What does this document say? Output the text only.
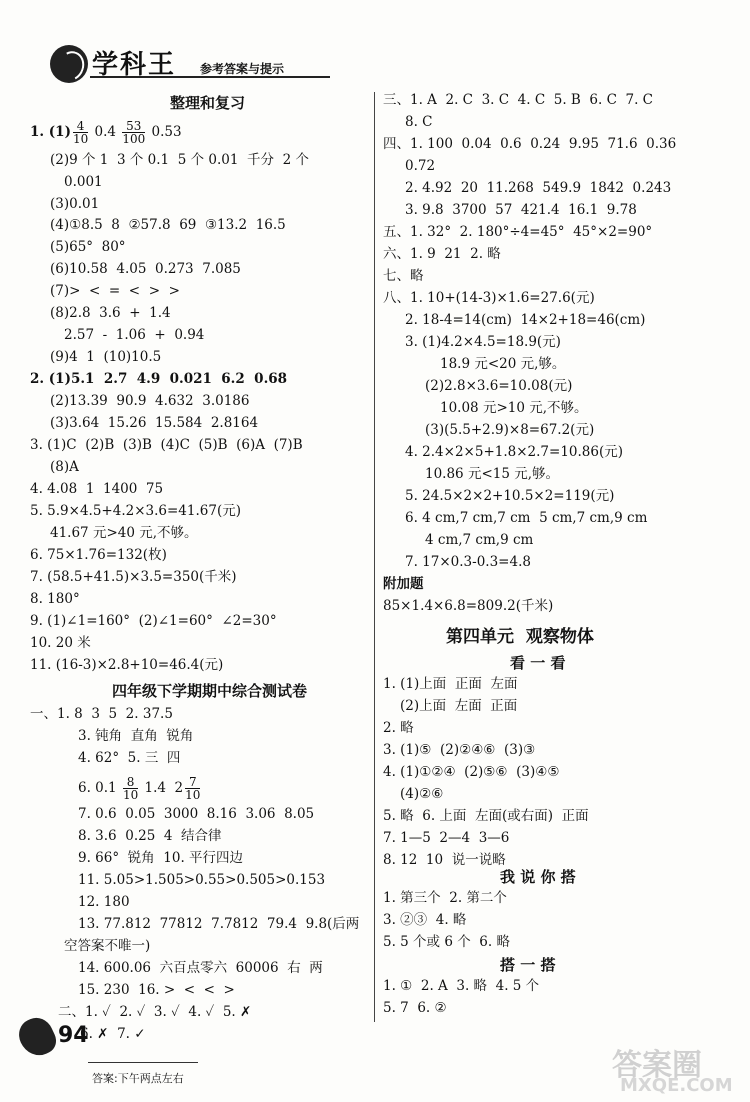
学科王 参考答案与提示
整理和复习
1. $(1) \frac{4}{10} 0.4 \frac{53}{100} 0.53$
(2)9 个 1  3 个 0.1  5 个 0.01  千分  2 个
0.001
(3)0.01
(4)①8.5  8  ②57.8  69  ③13.2  16.5
(5)65°  80°
(6)10.58  4.05  0.273  7.085
(7)>  <  =  <  >  >
(8)2.8  3.6  +  1.4
2.57  -  1.06  +  0.94
(9)4  1  (10)10.5
2. (1)5.1  2.7  4.9  0.021  6.2  0.68
(2)13.39  90.9  4.632  3.0186
(3)3.64  15.26  15.584  2.8164
3. (1)C  (2)B  (3)B  (4)C  (5)B  (6)A  (7)B
(8)A
4. 4.08  1  1400  75
5. 5.9×4.5+4.2×3.6=41.67(元)
41.67 元>40 元,不够。
6. 75×1.76=132(枚)
7. (58.5+41.5)×3.5=350(千米)
8. 180°
9. (1)∠1=160°  (2)∠1=60°  ∠2=30°
10. 20 米
11. (16-3)×2.8+10=46.4(元)
四年级下学期期中综合测试卷
一、1. 8  3  5  2. 37.5
3. 钝角  直角  锐角
4. 62°  5. 三  四
6. $0.1 \frac{8}{10} 1.4$  $2 \frac{7}{10}$
7. 0.6  0.05  3000  8.16  3.06  8.05
8. 3.6  0.25  4  结合律
9. 66°  锐角  10. 平行四边
11. 5.05>1.505>0.55>0.505>0.153
12. 180
13. 77.812  77812  7.7812  79.4  9.8(后两
空答案不唯一)
14. 600.06  六百点零六  60006  右  两
15. 230  16. >  <  <  >
二、1. ✓  2. ✓  3. ✓  4. ✓  5. ✗
6. ✗  7. ✓
三、1. A  2. C  3. C  4. C  5. B  6. C  7. C
8. C
四、1. 100  0.04  0.6  0.24  9.95  71.6  0.36
0.72
2. 4.92  20  11.268  549.9  1842  0.243
3. 9.8  3700  57  421.4  16.1  9.78
五、1. 32°  2. 180°÷4=45°  45°×2=90°
六、1. 9  21  2. 略
七、略
八、1. 10+(14-3)×1.6=27.6(元)
2. 18-4=14(cm)  14×2+18=46(cm)
3. (1)4.2×4.5=18.9(元)
18.9 元<20 元,够。
(2)2.8×3.6=10.08(元)
10.08 元>10 元,不够。
(3)(5.5+2.9)×8=67.2(元)
4. 2.4×2×5+1.8×2.7=10.86(元)
10.86 元<15 元,够。
5. 24.5×2×2+10.5×2=119(元)
6. 4 cm,7 cm,7 cm  5 cm,7 cm,9 cm
4 cm,7 cm,9 cm
7. 17×0.3-0.3=4.8
附加题
85×1.4×6.8=809.2(千米)
第四单元  观察物体
看 一 看
1. (1)上面  正面  左面
(2)上面  左面  正面
2. 略
3. (1)⑤  (2)②④⑥  (3)③
4. (1)①②④  (2)⑤⑥  (3)④⑤
(4)②⑥
5. 略  6. 上面  左面(或右面)  正面
7. 1—5  2—4  3—6
8. 12  10  说一说略
我 说 你 搭
1. 第三个  2. 第二个
3. ②③  4. 略
5. 5 个或 6 个  6. 略
搭 一 搭
1. ①  2. A  3. 略  4. 5 个
5. 7  6. ②
94
答案:下午两点左右	答案圈
MXQE.COM
